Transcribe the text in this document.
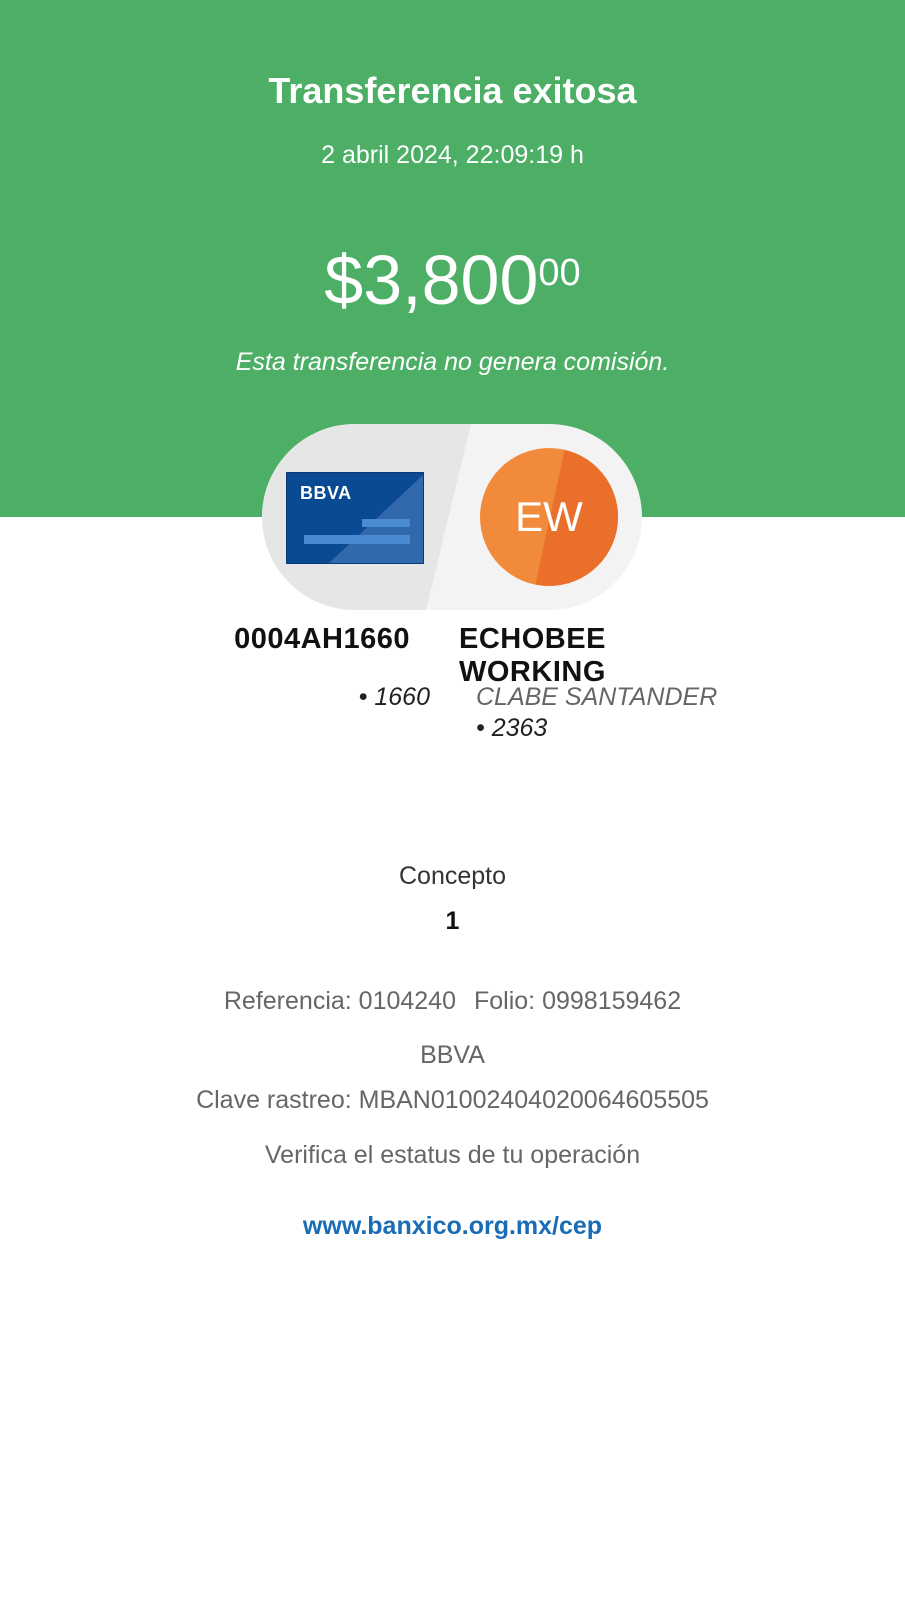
Transferencia exitosa
2 abril 2024, 22:09:19 h
$3,800$^{00}$
Esta transferencia no genera comisión.
BBVA	EW
0004AH1660
• 1660
ECHOBEE WORKING
CLABE SANTANDER
• 2363
Concepto
1
Referencia: 0104240 Folio: 0998159462
BBVA
Clave rastreo: MBAN01002404020064605505
Verifica el estatus de tu operación
www.banxico.org.mx/cep
